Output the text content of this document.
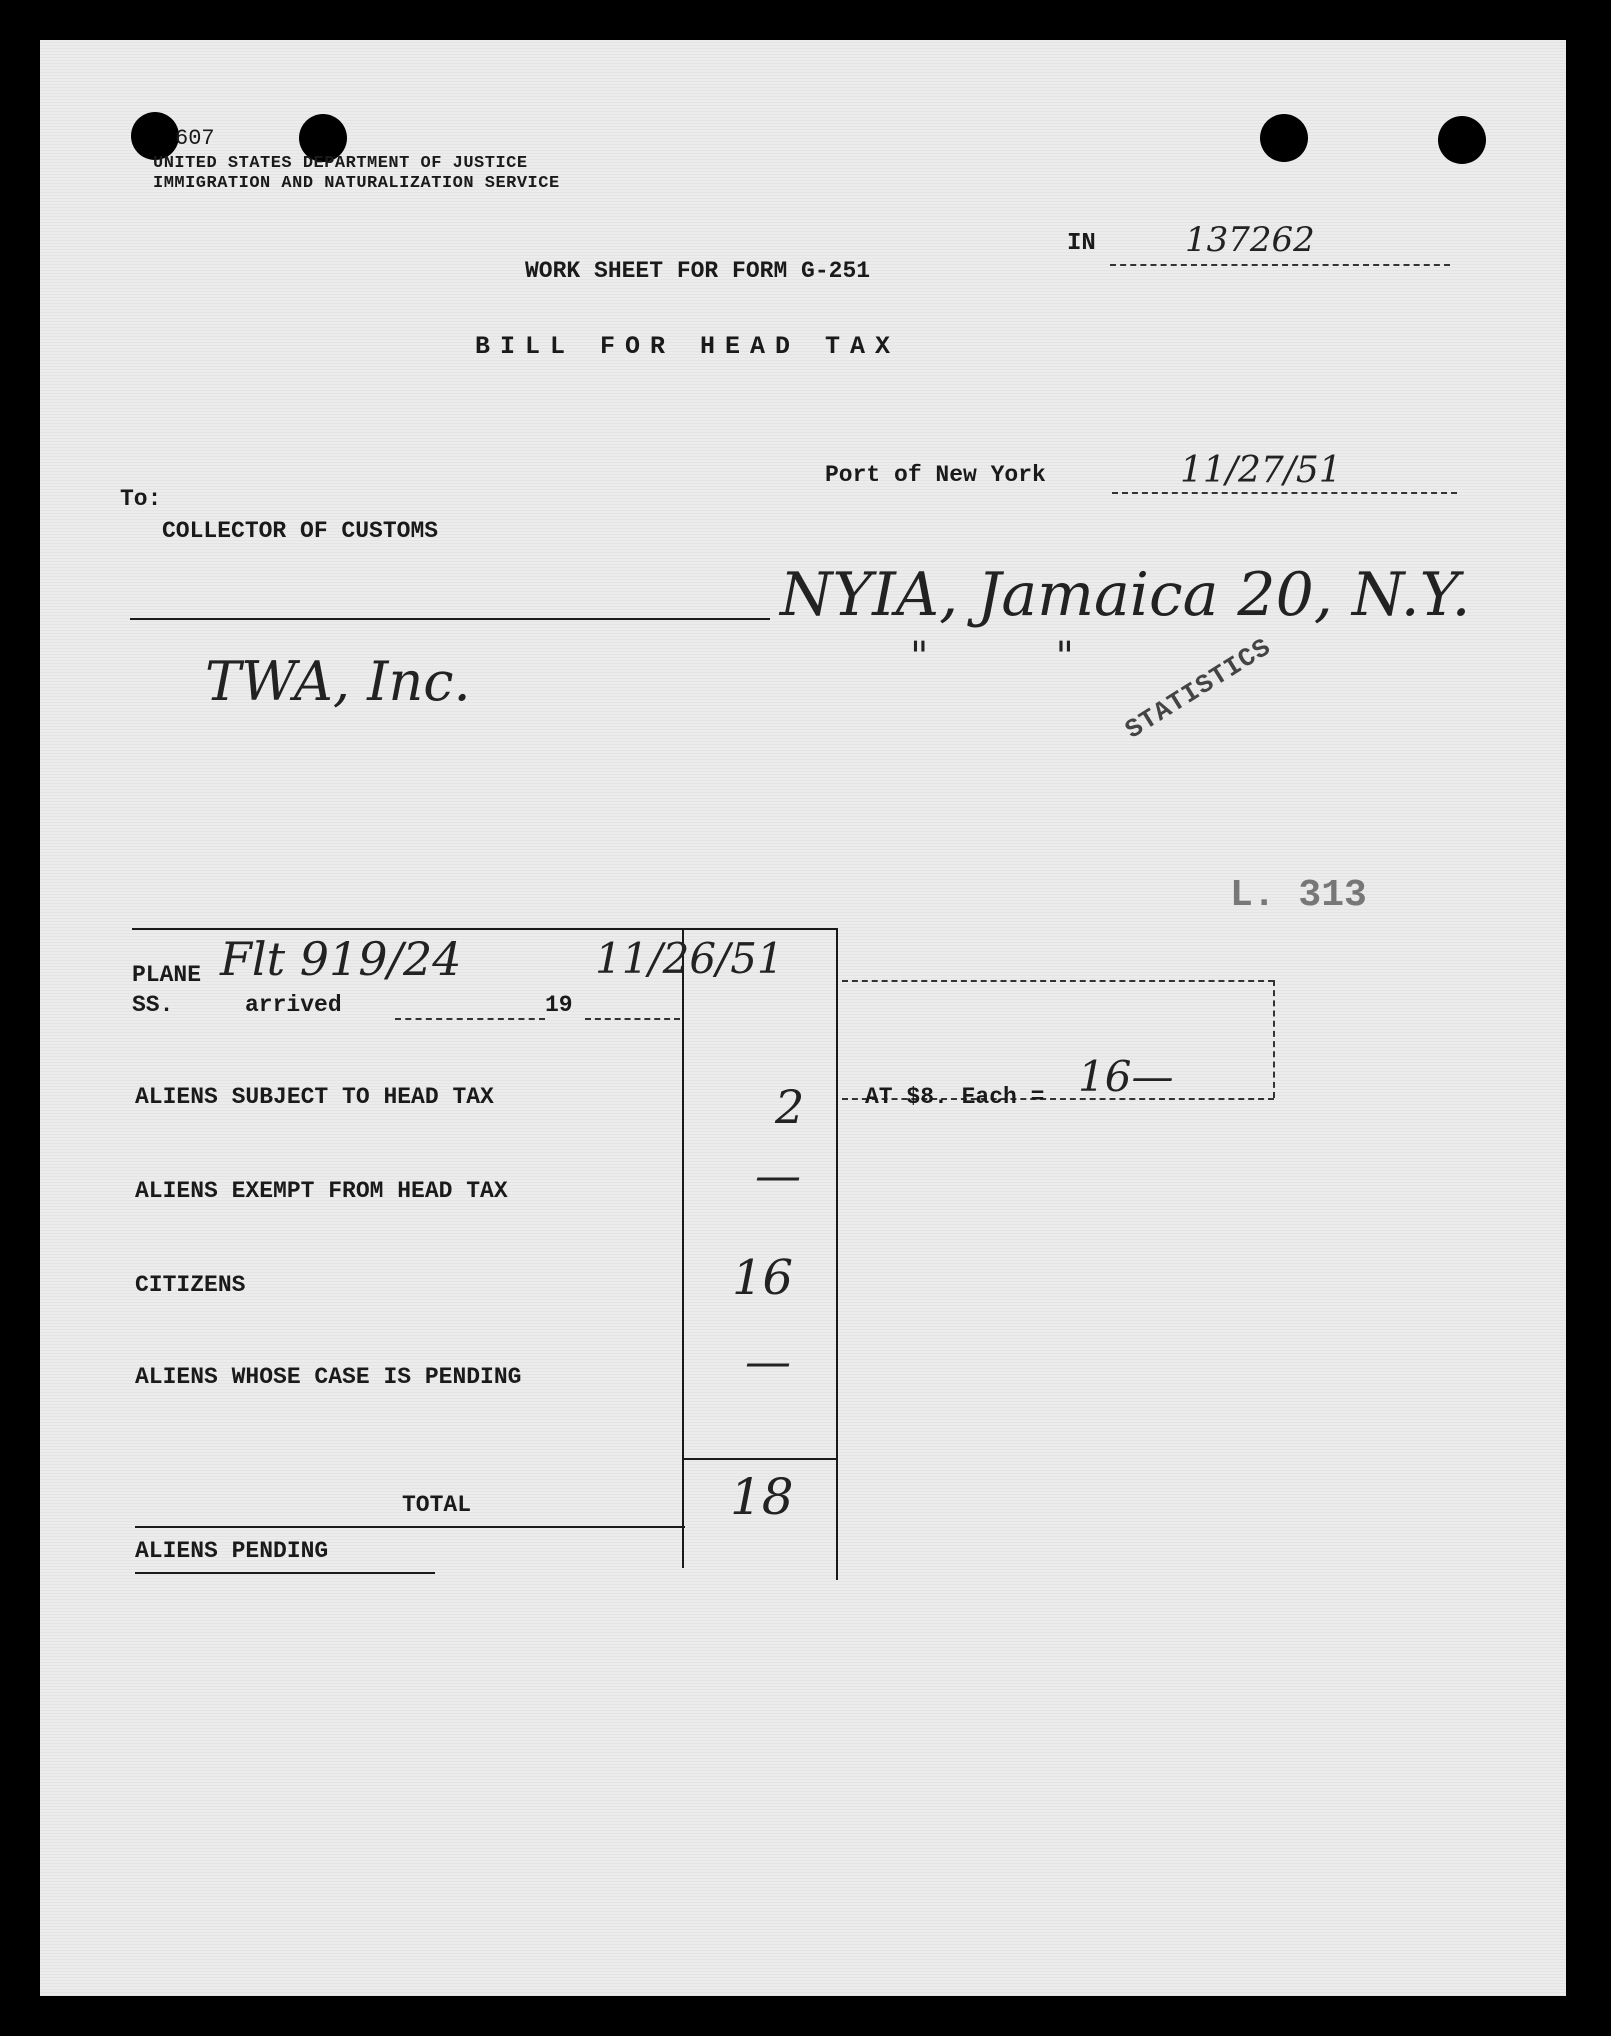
607
UNITED STATES DEPARTMENT OF JUSTICE
IMMIGRATION AND NATURALIZATION SERVICE
IN	137262
WORK SHEET FOR FORM G-251
BILL FOR HEAD TAX
Port of New York	11/27/51
To:
COLLECTOR OF CUSTOMS
NYIA, Jamaica 20, N.Y.
TWA, Inc.	"          " STATISTICS
L. 313
PLANE Flt 919/24	11/26/51
SS.	arrived	19
AT $8. Each = 16—
ALIENS SUBJECT TO HEAD TAX	2
ALIENS EXEMPT FROM HEAD TAX	—
CITIZENS	16
ALIENS WHOSE CASE IS PENDING	—
TOTAL	18
ALIENS PENDING
